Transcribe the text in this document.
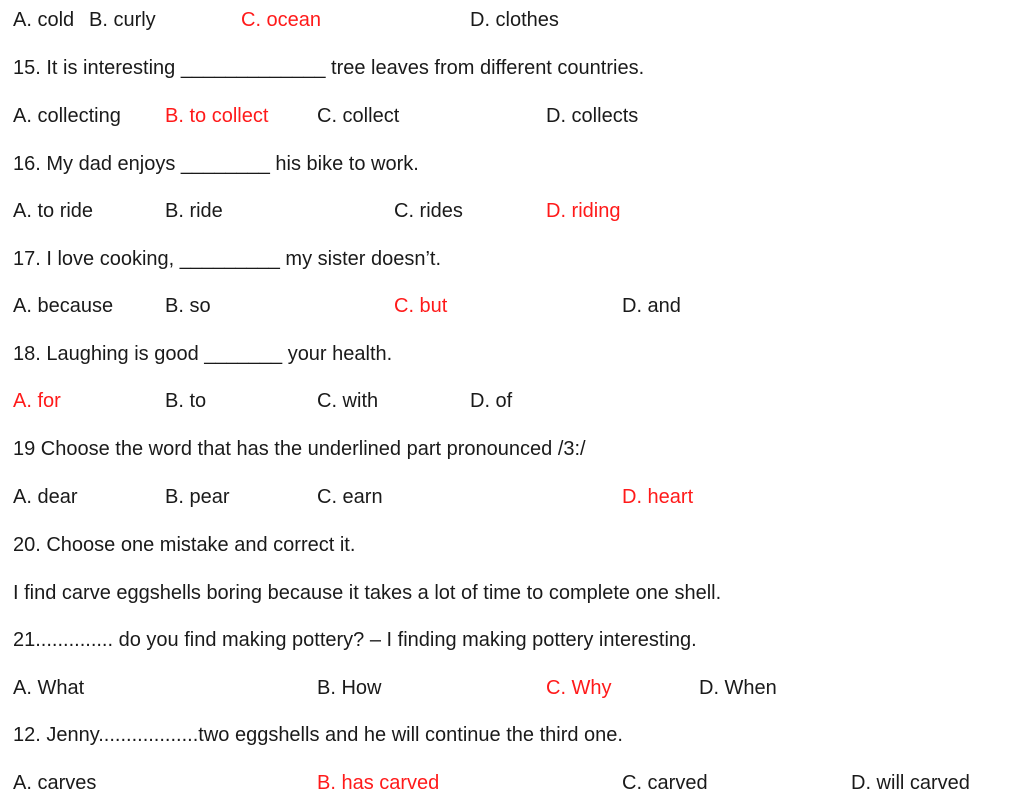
A. cold B. curly	C. ocean	D. clothes
15. It is interesting _____________ tree leaves from different countries.
A. collecting B. to collect C. collect	D. collects
16. My dad enjoys ________ his bike to work.
A. to ride	B. ride	C. rides	D. riding
17. I love cooking, _________ my sister doesn’t.
A. because	B. so	C. but	D. and
18. Laughing is good _______ your health.
A. for	B. to	C. with	D. of
19 Choose the word that has the underlined part pronounced /3:/
A. dear	B. pear	C. earn	D. heart
20. Choose one mistake and correct it.
I find carve eggshells boring because it takes a lot of time to complete one shell.
21.............. do you find making pottery? – I finding making pottery interesting.
A. What	B. How	C. Why	D. When
12. Jenny..................two eggshells and he will continue the third one.
A. carves	B. has carved	C. carved	D. will carved
